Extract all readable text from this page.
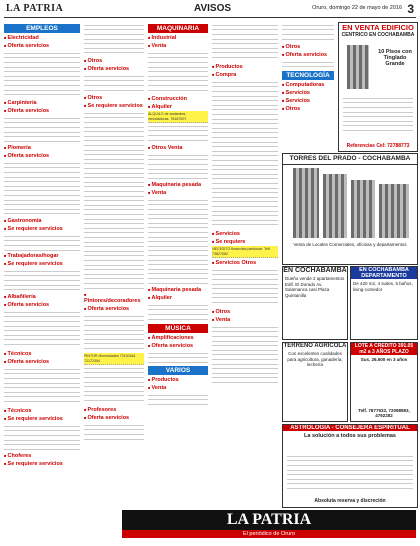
LA PATRIA	AVISOS	Oruro, domingo 22 de mayo de 2016 3
EMPLEOS
■ Electricidad
■ Oferta servicios
■ Carpintería
■ Oferta servicios
■ Plomería
■ Oferta servicios
■ Gastronomía
■ Se requiere servicios
■ Trabajadoras/hogar
■ Se requiere servicios
■ Albañilería
■ Oferta servicios
■ Técnicos
■ Oferta servicios
■ Técnicos
■ Se requiere servicios
■ Choferes
■ Se requiere servicios
■ Otros
■ Oferta servicios
■ Otros
■ Se requiere servicios
■ Pintores/decoradores
■ Oferta servicios
PINTOR diversidades 73100461. 72172354
■ Profesores
■ Oferta servicios
MAQUINARIA
■ Industrial
■ Venta
■ Construcción
■ Alquiler
ALQUILO de andamios, mezcladoras. 76167007
■ Otros Venta
■ Maquinaria pesada
■ Venta
■ Maquinaria pesada
■ Alquiler
MÚSICA
■ Amplificaciones
■ Oferta servicios
VARIOS
■ Productos
■ Venta
■ Productos
■ Compra
■ Servicios
■ Se requiere
NECESITO financista particular. Telf. 73827082
■ Servicios Otros
■ Otros
■ Venta
■ Otros
■ Oferta servicios
TECNOLOGÍA
■ Computadoras
■ Servicios
■ Servicios
■ Otros
EN VENTA EDIFICIO
CENTRICO EN COCHABAMBA
10 Pisos con Tinglado Grande
Referencias Cel: 72788773
TORRES DEL PRADO - COCHABAMBA
Venta de Locales Comerciales, oficinas y departamentos
EN COCHABAMBA
Dueño vende 2 apartamentos Edif. El Dorado Av. Salamanca casi Plaza Quintanilla
EN COCHABAMBA DEPARTAMENTO
De 420 m2, 4 suites, 5 baños, living-comedor
TERRENO AGRICOLA
Con excelentes cualidades para agricultura, ganadería, lechería
LOTE A CRÉDITO 391.05 m2 a 3 AÑOS PLAZO
Sus. 26.500 en 3 años
Telf. 7877933, 72098983, 4792282
ASTROLOGÍA - CONSEJERA ESPIRITUAL
La solución a todos sus problemas
Absoluta reserva y discreción
LA PATRIA
El periódico de Oruro
